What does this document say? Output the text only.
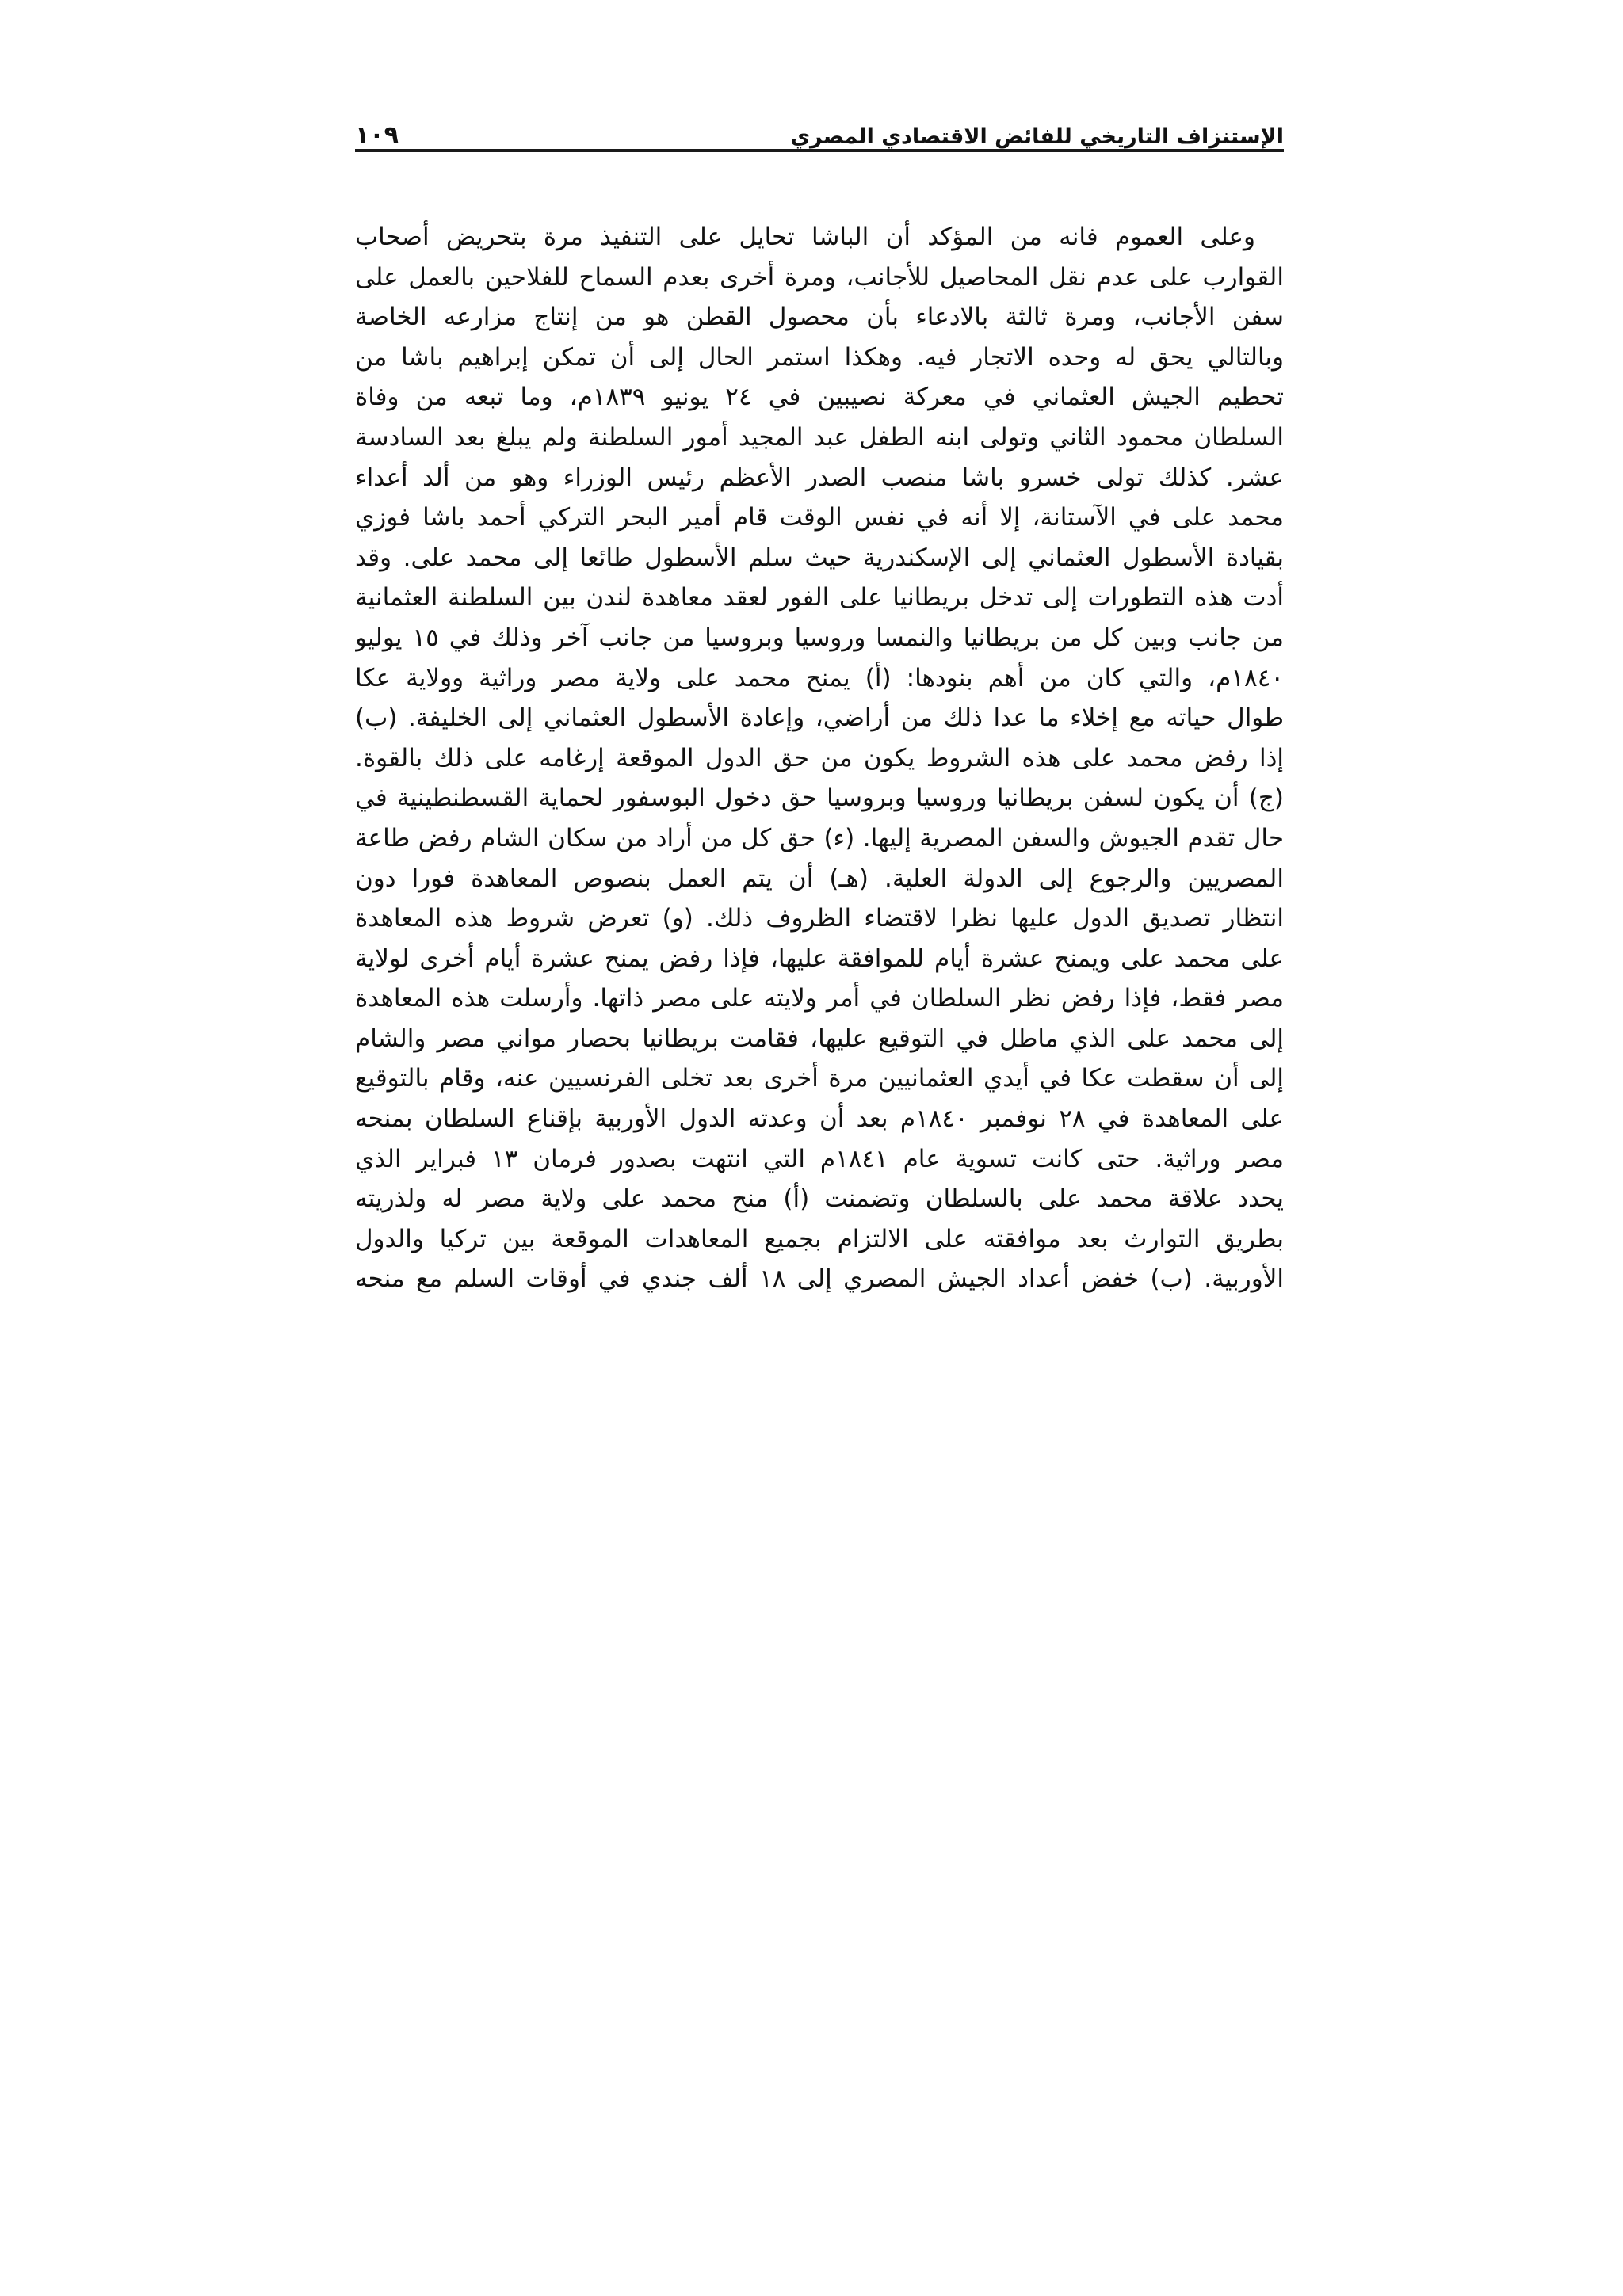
الإستنزاف التاريخي للفائض الاقتصادي المصري
١٠٩
وعلى العموم فانه من المؤكد أن الباشا تحايل على التنفيذ مرة بتحريض أصحاب
القوارب على عدم نقل المحاصيل للأجانب، ومرة أخرى بعدم السماح للفلاحين بالعمل على
سفن الأجانب، ومرة ثالثة بالادعاء بأن محصول القطن هو من إنتاج مزارعه الخاصة
وبالتالي يحق له وحده الاتجار فيه. وهكذا استمر الحال إلى أن تمكن إبراهيم باشا من
تحطيم الجيش العثماني في معركة نصيبين في ٢٤ يونيو ١٨٣٩م، وما تبعه من وفاة
السلطان محمود الثاني وتولى ابنه الطفل عبد المجيد أمور السلطنة ولم يبلغ بعد السادسة
عشر. كذلك تولى خسرو باشا منصب الصدر الأعظم رئيس الوزراء وهو من ألد أعداء
محمد على في الآستانة، إلا أنه في نفس الوقت قام أمير البحر التركي أحمد باشا فوزي
بقيادة الأسطول العثماني إلى الإسكندرية حيث سلم الأسطول طائعا إلى محمد على. وقد
أدت هذه التطورات إلى تدخل بريطانيا على الفور لعقد معاهدة لندن بين السلطنة العثمانية
من جانب وبين كل من بريطانيا والنمسا وروسيا وبروسيا من جانب آخر وذلك في ١٥ يوليو
١٨٤٠م، والتي كان من أهم بنودها: (أ) يمنح محمد على ولاية مصر وراثية وولاية عكا
طوال حياته مع إخلاء ما عدا ذلك من أراضي، وإعادة الأسطول العثماني إلى الخليفة. (ب)
إذا رفض محمد على هذه الشروط يكون من حق الدول الموقعة إرغامه على ذلك بالقوة.
(ج) أن يكون لسفن بريطانيا وروسيا وبروسيا حق دخول البوسفور لحماية القسطنطينية في
حال تقدم الجيوش والسفن المصرية إليها. (ء) حق كل من أراد من سكان الشام رفض طاعة
المصريين والرجوع إلى الدولة العلية. (هـ) أن يتم العمل بنصوص المعاهدة فورا دون
انتظار تصديق الدول عليها نظرا لاقتضاء الظروف ذلك. (و) تعرض شروط هذه المعاهدة
على محمد على ويمنح عشرة أيام للموافقة عليها، فإذا رفض يمنح عشرة أيام أخرى لولاية
مصر فقط، فإذا رفض نظر السلطان في أمر ولايته على مصر ذاتها. وأرسلت هذه المعاهدة
إلى محمد على الذي ماطل في التوقيع عليها، فقامت بريطانيا بحصار مواني مصر والشام
إلى أن سقطت عكا في أيدي العثمانيين مرة أخرى بعد تخلى الفرنسيين عنه، وقام بالتوقيع
على المعاهدة في ٢٨ نوفمبر ١٨٤٠م بعد أن وعدته الدول الأوربية بإقناع السلطان بمنحه
مصر وراثية. حتى كانت تسوية عام ١٨٤١م التي انتهت بصدور فرمان ١٣ فبراير الذي
يحدد علاقة محمد على بالسلطان وتضمنت (أ) منح محمد على ولاية مصر له ولذريته
بطريق التوارث بعد موافقته على الالتزام بجميع المعاهدات الموقعة بين تركيا والدول
الأوربية. (ب) خفض أعداد الجيش المصري إلى ١٨ ألف جندي في أوقات السلم مع منحه
